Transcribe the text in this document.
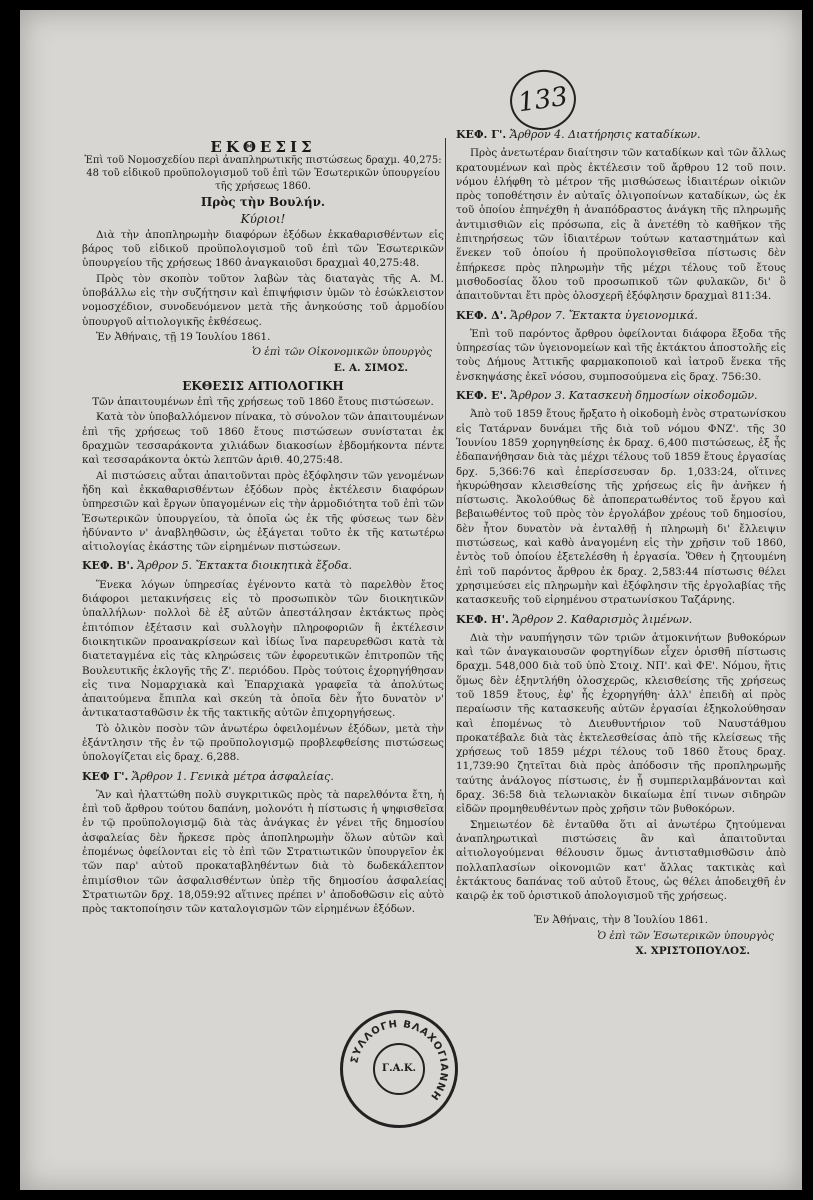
133
ΕΚΘΕΣΙΣ

Ἐπὶ τοῦ Νομοσχεδίου περὶ ἀναπληρωτικῆς πιστώσεως δραχμ. 40,275: 48 τοῦ εἰδικοῦ προϋπολογισμοῦ τοῦ ἐπὶ τῶν Ἐσωτερικῶν ὑπουργείου τῆς χρήσεως 1860.

Πρὸς τὴν Βουλήν.
Κύριοι!

Διὰ τὴν ἀποπληρωμὴν διαφόρων ἐξόδων ἐκκαθαρισθέντων εἰς βάρος τοῦ εἰδικοῦ προϋπολογισμοῦ τοῦ ἐπὶ τῶν Ἐσωτερικῶν ὑπουργείου τῆς χρήσεως 1860 ἀναγκαιοῦσι δραχμαὶ 40,275:48.

Πρὸς τὸν σκοπὸν τοῦτον λαβὼν τὰς διαταγὰς τῆς Α. Μ. ὑποβάλλω εἰς τὴν συζήτησιν καὶ ἐπιψήφισιν ὑμῶν τὸ ἐσώκλειστον νομοσχέδιον, συνοδευόμενον μετὰ τῆς ἀνηκούσης τοῦ ἁρμοδίου ὑπουργοῦ αἰτιολογικῆς ἐκθέσεως.

Ἐν Ἀθήναις, τῇ 19 Ἰουλίου 1861.

Ὁ ἐπὶ τῶν Οἰκονομικῶν ὑπουργὸς

Ε. Α. ΣΙΜΟΣ.

ΕΚΘΕΣΙΣ ΑΙΤΙΟΛΟΓΙΚΗ

Τῶν ἀπαιτουμένων ἐπὶ τῆς χρήσεως τοῦ 1860 ἔτους πιστώσεων.

Κατὰ τὸν ὑποβαλλόμενον πίνακα, τὸ σύνολον τῶν ἀπαιτουμένων ἐπὶ τῆς χρήσεως τοῦ 1860 ἔτους πιστώσεων συνίσταται ἐκ δραχμῶν τεσσαράκοντα χιλιάδων διακοσίων ἑβδομήκοντα πέντε καὶ τεσσαράκοντα ὀκτὼ λεπτῶν ἀριθ. 40,275:48.

Αἱ πιστώσεις αὗται ἀπαιτοῦνται πρὸς ἐξόφλησιν τῶν γενομένων ἤδη καὶ ἐκκαθαρισθέντων ἐξόδων πρὸς ἐκτέλεσιν διαφόρων ὑπηρεσιῶν καὶ ἔργων ὑπαγομένων εἰς τὴν ἁρμοδιότητα τοῦ ἐπὶ τῶν Ἐσωτερικῶν ὑπουργείου, τὰ ὁποῖα ὡς ἐκ τῆς φύσεως των δὲν ἠδύναντο ν' ἀναβληθῶσιν, ὡς ἐξάγεται τοῦτο ἐκ τῆς κατωτέρω αἰτιολογίας ἑκάστης τῶν εἰρημένων πιστώσεων.

ΚΕΦ. Β'. Ἄρθρον 5. Ἔκτακτα διοικητικὰ ἔξοδα.

Ἕνεκα λόγων ὑπηρεσίας ἐγένοντο κατὰ τὸ παρελθὸν ἔτος διάφοροι μετακινήσεις εἰς τὸ προσωπικὸν τῶν διοικητικῶν ὑπαλλήλων· πολλοὶ δὲ ἐξ αὐτῶν ἀπεστάλησαν ἐκτάκτως πρὸς ἐπιτόπιον ἐξέτασιν καὶ συλλογὴν πληροφοριῶν ἢ ἐκτέλεσιν διοικητικῶν προανακρίσεων καὶ ἰδίως ἵνα παρευρεθῶσι κατὰ τὰ διατεταγμένα εἰς τὰς κληρώσεις τῶν ἐφορευτικῶν ἐπιτροπῶν τῆς Βουλευτικῆς ἐκλογῆς τῆς Ζ'. περιόδου. Πρὸς τούτοις ἐχορηγήθησαν εἰς τινα Νομαρχιακὰ καὶ Ἐπαρχιακὰ γραφεῖα τὰ ἀπολύτως ἀπαιτούμενα ἔπιπλα καὶ σκεύη τὰ ὁποῖα δὲν ἦτο δυνατὸν ν' ἀντικατασταθῶσιν ἐκ τῆς τακτικῆς αὐτῶν ἐπιχορηγήσεως.

Τὸ ὁλικὸν ποσὸν τῶν ἀνωτέρω ὀφειλομένων ἐξόδων, μετὰ τὴν ἐξάντλησιν τῆς ἐν τῷ προϋπολογισμῷ προβλεφθείσης πιστώσεως ὑπολογίζεται εἰς δραχ. 6,288.

ΚΕΦ Γ'. Ἄρθρον 1. Γενικὰ μέτρα ἀσφαλείας.

Ἂν καὶ ἠλαττώθη πολὺ συγκριτικῶς πρὸς τὰ παρελθόντα ἔτη, ἡ ἐπὶ τοῦ ἄρθρου τούτου δαπάνη, μολονότι ἡ πίστωσις ἡ ψηφισθεῖσα ἐν τῷ προϋπολογισμῷ διὰ τὰς ἀνάγκας ἐν γένει τῆς δημοσίου ἀσφαλείας δὲν ἤρκεσε πρὸς ἀποπληρωμὴν ὅλων αὐτῶν καὶ ἐπομένως ὀφείλονται εἰς τὸ ἐπὶ τῶν Στρατιωτικῶν ὑπουργεῖον ἐκ τῶν παρ' αὐτοῦ προκαταβληθέντων διὰ τὸ δωδεκάλεπτον ἐπιμίσθιον τῶν ἀσφαλισθέντων ὑπὲρ τῆς δημοσίου ἀσφαλείας Στρατιωτῶν δρχ. 18,059:92 αἵτινες πρέπει ν' ἀποδοθῶσιν εἰς αὐτὸ πρὸς τακτοποίησιν τῶν καταλογισμῶν τῶν εἰρημένων ἐξόδων.

ΚΕΦ. Γ'. Ἄρθρον 4. Διατήρησις καταδίκων.

Πρὸς ἀνετωτέραν διαίτησιν τῶν καταδίκων καὶ τῶν ἄλλως κρατουμένων καὶ πρὸς ἐκτέλεσιν τοῦ ἄρθρου 12 τοῦ ποιν. νόμου ἐλήφθη τὸ μέτρον τῆς μισθώσεως ἰδιαιτέρων οἰκιῶν πρὸς τοποθέτησιν ἐν αὐταῖς ὀλιγοποίνων καταδίκων, ὡς ἐκ τοῦ ὁποίου ἐπηνέχθη ἡ ἀναπόδραστος ἀνάγκη τῆς πληρωμῆς ἀντιμισθιῶν εἰς πρόσωπα, εἰς ἃ ἀνετέθη τὸ καθῆκον τῆς ἐπιτηρήσεως τῶν ἰδιαιτέρων τούτων καταστημάτων καὶ ἕνεκεν τοῦ ὁποίου ἡ προϋπολογισθεῖσα πίστωσις δὲν ἐπήρκεσε πρὸς πληρωμὴν τῆς μέχρι τέλους τοῦ ἔτους μισθοδοσίας ὅλου τοῦ προσωπικοῦ τῶν φυλακῶν, δι' ὃ ἀπαιτοῦνται ἔτι πρὸς ὁλοσχερῆ ἐξόφλησιν δραχμαὶ 811:34.

ΚΕΦ. Δ'. Ἄρθρον 7. Ἔκτακτα ὑγειονομικά.

Ἐπὶ τοῦ παρόντος ἄρθρου ὀφείλονται διάφορα ἔξοδα τῆς ὑπηρεσίας τῶν ὑγειονομείων καὶ τῆς ἐκτάκτου ἀποστολῆς εἰς τοὺς Δήμους Ἀττικῆς φαρμακοποιοῦ καὶ ἰατροῦ ἕνεκα τῆς ἐνσκηψάσης ἐκεῖ νόσου, συμποσούμενα εἰς δραχ. 756:30.

ΚΕΦ. Ε'. Ἄρθρον 3. Κατασκευὴ δημοσίων οἰκοδομῶν.

Ἀπὸ τοῦ 1859 ἔτους ἤρξατο ἡ οἰκοδομὴ ἑνὸς στρατωνίσκου εἰς Τατάρναν δυνάμει τῆς διὰ τοῦ νόμου ΦΝΖ'. τῆς 30 Ἰουνίου 1859 χορηγηθείσης ἐκ δραχ. 6,400 πιστώσεως, ἐξ ἧς ἐδαπανήθησαν διὰ τὰς μέχρι τέλους τοῦ 1859 ἔτους ἐργασίας δρχ. 5,366:76 καὶ ἐπερίσσευσαν δρ. 1,033:24, οἵτινες ἠκυρώθησαν κλεισθείσης τῆς χρήσεως εἰς ἣν ἀνῆκεν ἡ πίστωσις. Ἀκολούθως δὲ ἀποπερατωθέντος τοῦ ἔργου καὶ βεβαιωθέντος τοῦ πρὸς τὸν ἐργολάβον χρέους τοῦ δημοσίου, δὲν ἦτον δυνατὸν νὰ ἐνταλθῇ ἡ πληρωμὴ δι' ἔλλειψιν πιστώσεως, καὶ καθὸ ἀναγομένη εἰς τὴν χρῆσιν τοῦ 1860, ἐντὸς τοῦ ὁποίου ἐξετελέσθη ἡ ἐργασία. Ὅθεν ἡ ζητουμένη ἐπὶ τοῦ παρόντος ἄρθρου ἐκ δραχ. 2,583:44 πίστωσις θέλει χρησιμεύσει εἰς πληρωμὴν καὶ ἐξόφλησιν τῆς ἐργολαβίας τῆς κατασκευῆς τοῦ εἰρημένου στρατωνίσκου Ταζάρνης.

ΚΕΦ. Η'. Ἄρθρον 2. Καθαρισμὸς λιμένων.

Διὰ τὴν ναυπήγησιν τῶν τριῶν ἀτμοκινήτων βυθοκόρων καὶ τῶν ἀναγκαιουσῶν φορτηγίδων εἶχεν ὁρισθῆ πίστωσις δραχμ. 548,000 διὰ τοῦ ὑπὸ Στοιχ. ΝΠ'. καὶ ΦΕ'. Νόμου, ἥτις ὅμως δὲν ἐξηντλήθη ὁλοσχερῶς, κλεισθείσης τῆς χρήσεως τοῦ 1859 ἔτους, ἐφ' ἧς ἐχορηγήθη· ἀλλ' ἐπειδὴ αἱ πρὸς περαίωσιν τῆς κατασκευῆς αὐτῶν ἐργασίαι ἐξηκολούθησαν καὶ ἐπομένως τὸ Διευθυντήριον τοῦ Ναυστάθμου προκατέβαλε διὰ τὰς ἐκτελεσθείσας ἀπὸ τῆς κλείσεως τῆς χρήσεως τοῦ 1859 μέχρι τέλους τοῦ 1860 ἔτους δραχ. 11,739:90 ζητεῖται διὰ πρὸς ἀπόδοσιν τῆς προπληρωμῆς ταύτης ἀνάλογος πίστωσις, ἐν ᾗ συμπεριλαμβάνονται καὶ δραχ. 36:58 διὰ τελωνιακὸν δικαίωμα ἐπί τινων σιδηρῶν εἰδῶν προμηθευθέντων πρὸς χρῆσιν τῶν βυθοκόρων.

Σημειωτέον δὲ ἐνταῦθα ὅτι αἱ ἀνωτέρω ζητούμεναι ἀναπληρωτικαὶ πιστώσεις ἂν καὶ ἀπαιτοῦνται αἰτιολογούμεναι θέλουσιν ὅμως ἀντισταθμισθῶσιν ἀπὸ πολλαπλασίων οἰκονομιῶν κατ' ἄλλας τακτικὰς καὶ ἐκτάκτους δαπάνας τοῦ αὐτοῦ ἔτους, ὡς θέλει ἀποδειχθῆ ἐν καιρῷ ἐκ τοῦ ὁριστικοῦ ἀπολογισμοῦ τῆς χρήσεως.

Ἐν Ἀθήναις, τὴν 8 Ἰουλίου 1861.

Ὁ ἐπὶ τῶν Ἐσωτερικῶν ὑπουργὸς

Χ. ΧΡΙΣΤΟΠΟΥΛΟΣ.

ΣΥΛΛΟΓΗ ΒΛΑΧΟΓΙΑΝΝΗ
Γ.Α.Κ.
